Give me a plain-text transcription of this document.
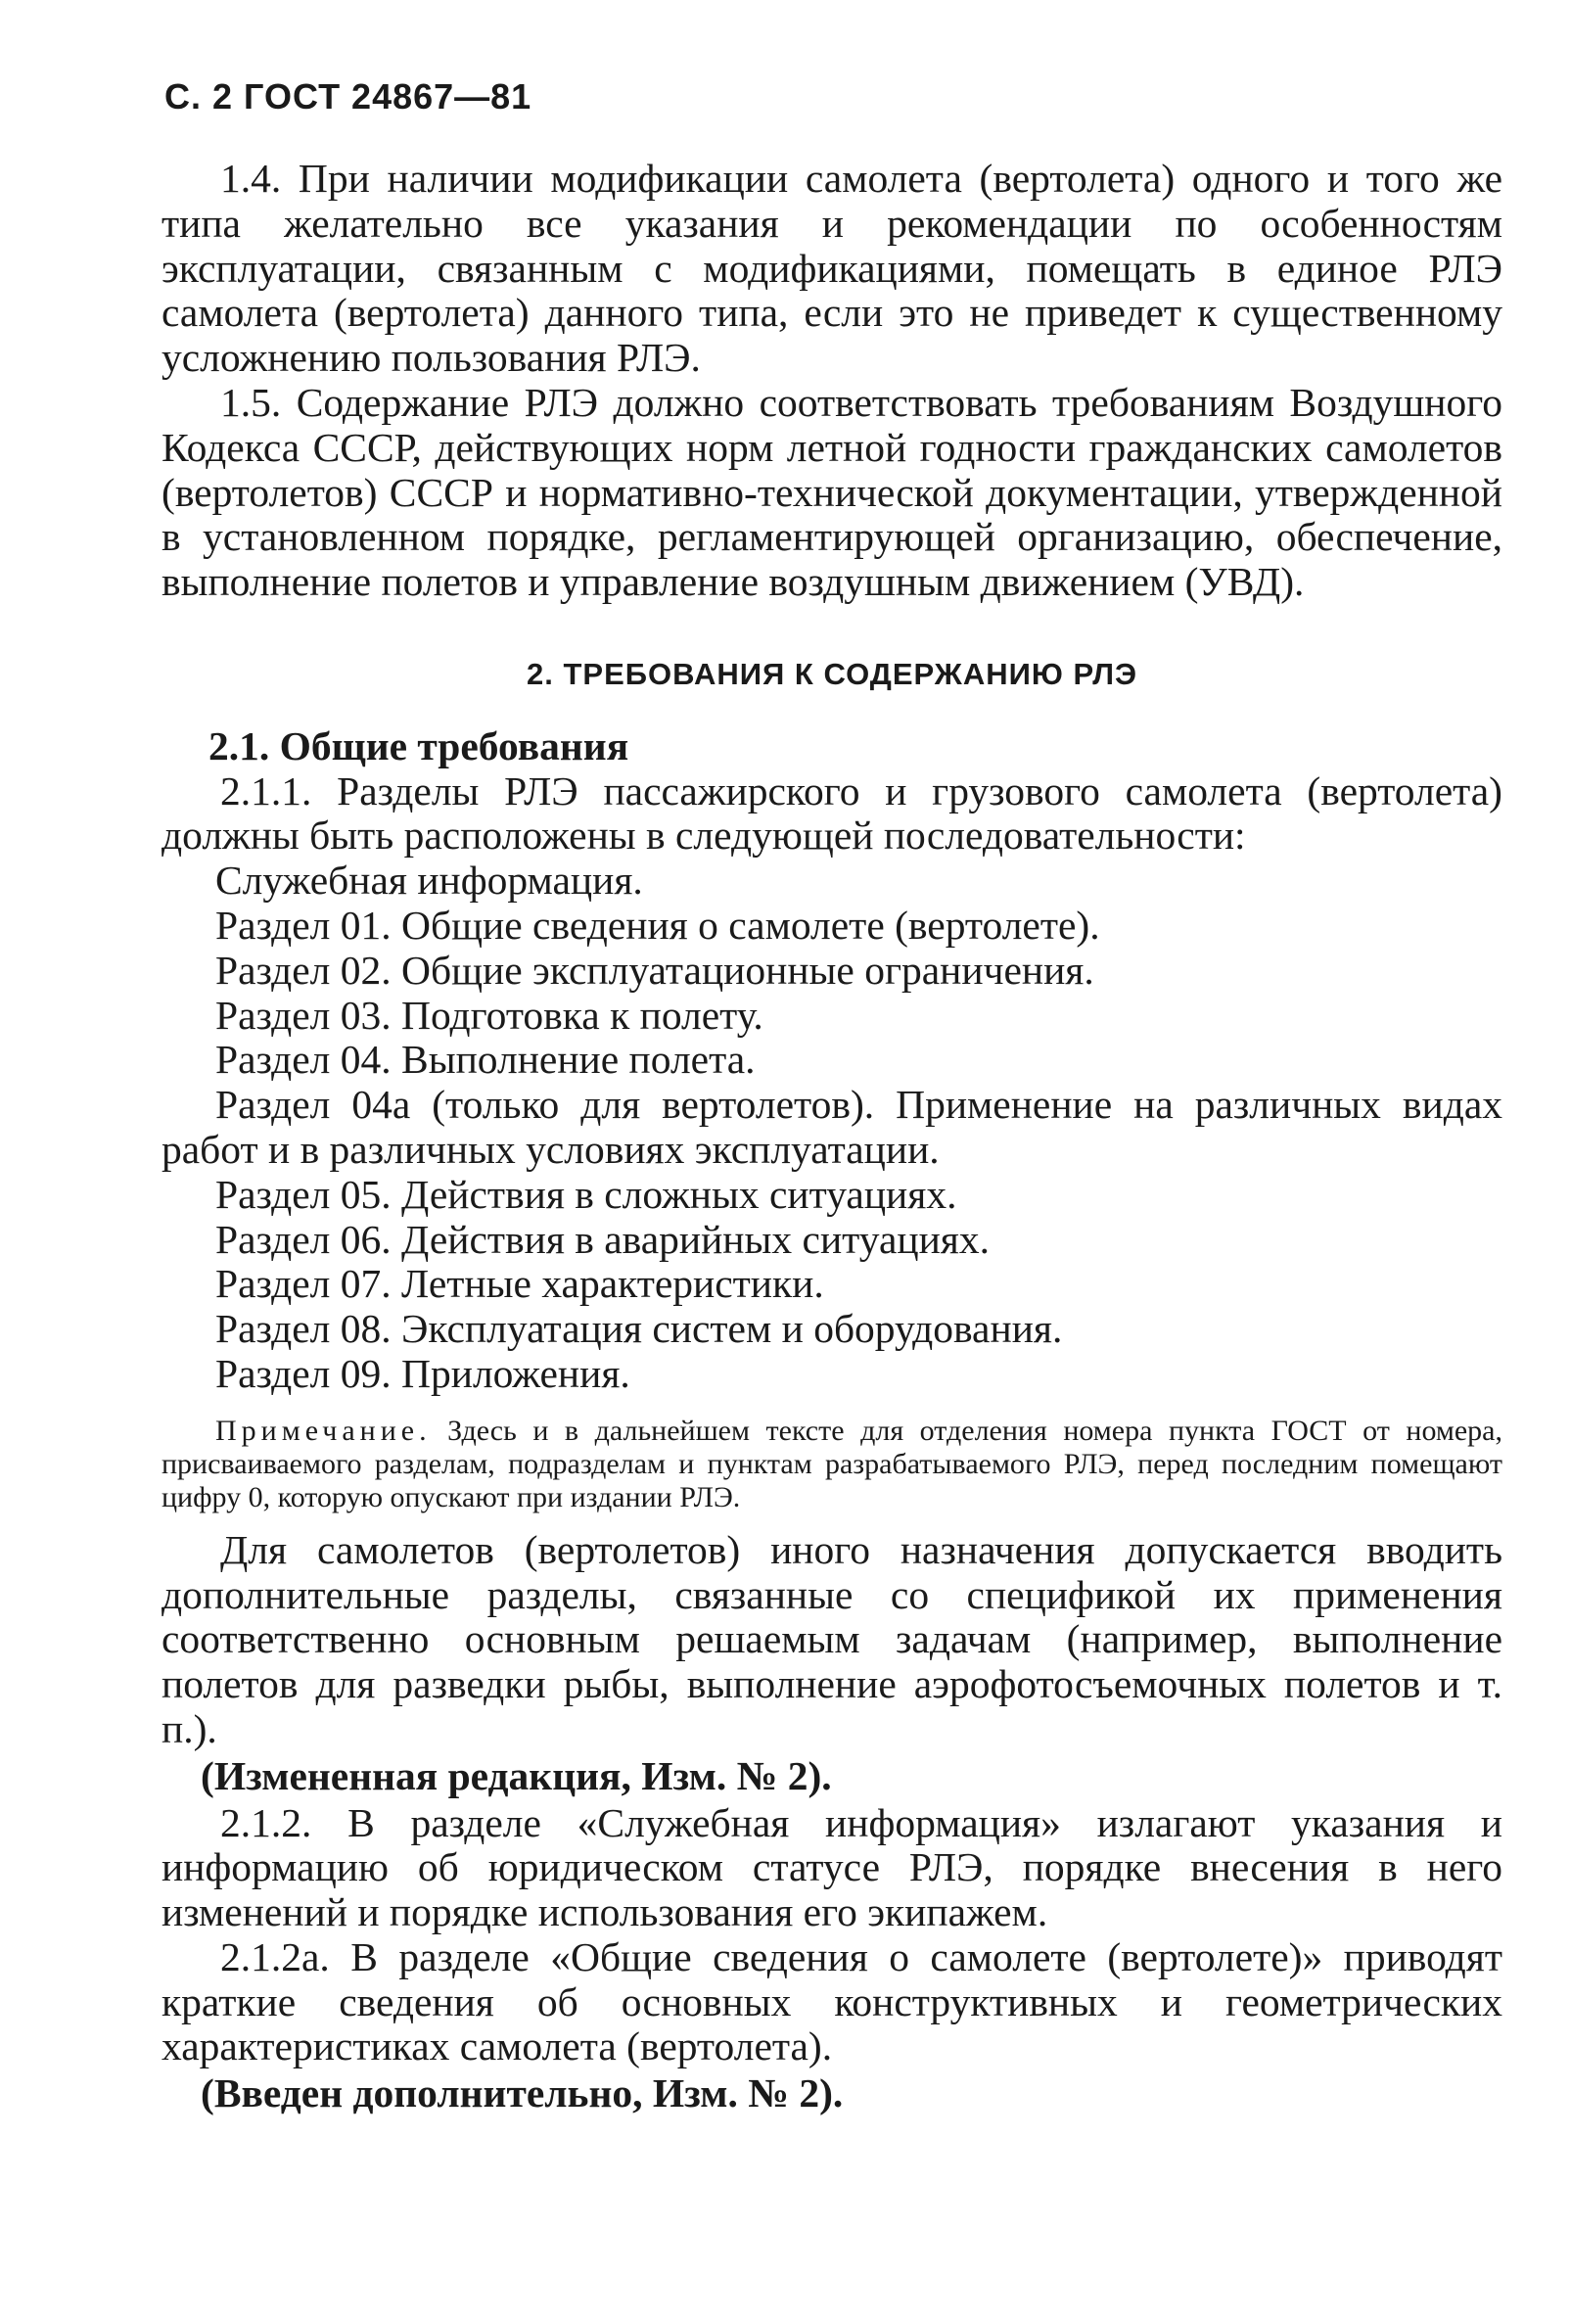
С. 2 ГОСТ 24867—81

1.4. При наличии модификации самолета (вертолета) одного и того же типа желательно все указания и рекомендации по особенностям эксплуатации, связанным с модификациями, помещать в единое РЛЭ самолета (вертолета) данного типа, если это не приведет к существенному усложнению пользования РЛЭ.

1.5. Содержание РЛЭ должно соответствовать требованиям Воздушного Кодекса СССР, действующих норм летной годности гражданских самолетов (вертолетов) СССР и нормативно-технической документации, утвержденной в установленном порядке, регламентирующей организацию, обеспечение, выполнение полетов и управление воздушным движением (УВД).

2. ТРЕБОВАНИЯ К СОДЕРЖАНИЮ РЛЭ

2.1. Общие требования

2.1.1. Разделы РЛЭ пассажирского и грузового самолета (вертолета) должны быть расположены в следующей последовательности:

Служебная информация.
Раздел 01. Общие сведения о самолете (вертолете).
Раздел 02. Общие эксплуатационные ограничения.
Раздел 03. Подготовка к полету.
Раздел 04. Выполнение полета.
Раздел 04а (только для вертолетов). Применение на различных видах работ и в различных условиях эксплуатации.
Раздел 05. Действия в сложных ситуациях.
Раздел 06. Действия в аварийных ситуациях.
Раздел 07. Летные характеристики.
Раздел 08. Эксплуатация систем и оборудования.
Раздел 09. Приложения.

Примечание. Здесь и в дальнейшем тексте для отделения номера пункта ГОСТ от номера, присваиваемого разделам, подразделам и пунктам разрабатываемого РЛЭ, перед последним помещают цифру 0, которую опускают при издании РЛЭ.

Для самолетов (вертолетов) иного назначения допускается вводить дополнительные разделы, связанные со спецификой их применения соответственно основным решаемым задачам (например, выполнение полетов для разведки рыбы, выполнение аэрофотосъемочных полетов и т. п.).

(Измененная редакция, Изм. № 2).

2.1.2. В разделе «Служебная информация» излагают указания и информацию об юридическом статусе РЛЭ, порядке внесения в него изменений и порядке использования его экипажем.

2.1.2а. В разделе «Общие сведения о самолете (вертолете)» приводят краткие сведения об основных конструктивных и геометрических характеристиках самолета (вертолета).

(Введен дополнительно, Изм. № 2).
